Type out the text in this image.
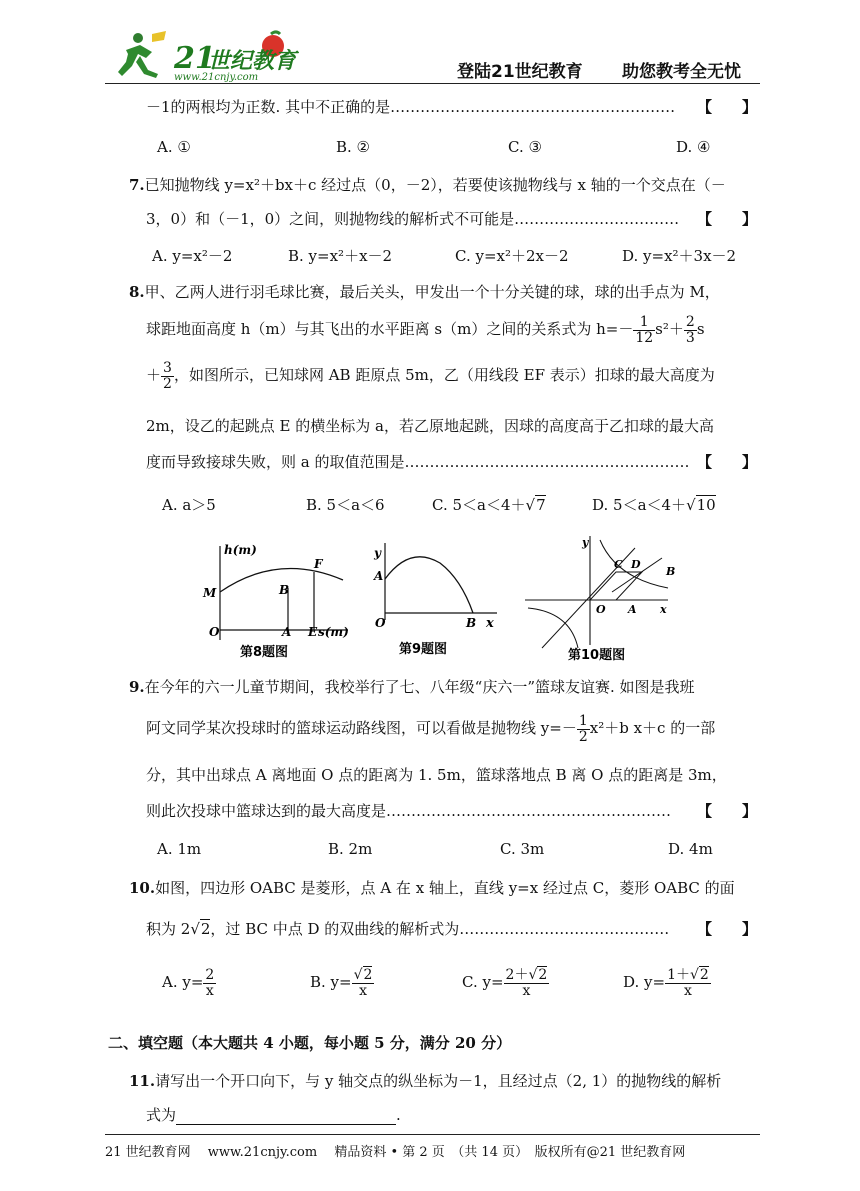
21
世纪教育
www.21cnjy.com	登陆21世纪教育 助您教考全无忧
－1的两根均为正数. 其中不正确的是………………………………………………… 【　　】
A. ①	B. ②	C. ③	D. ④
7.已知抛物线 y=x²＋bx＋c 经过点（0，－2），若要使该抛物线与 x 轴的一个交点在（－
3，0）和（－1，0）之间，则抛物线的解析式不可能是…………………………… 【　　】
A. y=x²－2	B. y=x²＋x－2	C. y=x²＋2x－2	D. y=x²＋3x－2
8.甲、乙两人进行羽毛球比赛，最后关头，甲发出一个十分关键的球，球的出手点为 M，
球距地面高度 h（m）与其飞出的水平距离 s（m）之间的关系式为 $h=- \frac{1}{12} s^2+ \frac{2}{3}$ s
＋ $\frac{3}{2}$ ，如图所示，已知球网 AB 距原点 5m，乙（用线段 EF 表示）扣球的最大高度为
2m，设乙的起跳点 E 的横坐标为 a，若乙原地起跳，因球的高度高于乙扣球的最大高
度而导致接球失败，则 a 的取值范围是………………………………………………… 【　　】
A. a＞5	B. 5＜a＜6	C. 5＜a＜4＋√7	D. 5＜a＜4＋√10
h(m)
F
M	B
O	A E s(m)
第8题图
y
A
O	B x
第9题图
y
C D
B
O A x
第10题图
9.在今年的六一儿童节期间，我校举行了七、八年级“庆六一”篮球友谊赛. 如图是我班
阿文同学某次投球时的篮球运动路线图，可以看做是抛物线 $y=- \frac{1}{2} x^2+b$ x＋c 的一部
分，其中出球点 A 离地面 O 点的距离为 1. 5m，篮球落地点 B 离 O 点的距离是 3m，
则此次投球中篮球达到的最大高度是………………………………………………… 【　　】
A. 1m	B. 2m	C. 3m	D. 4m
10.如图，四边形 OABC 是菱形，点 A 在 x 轴上，直线 y=x 经过点 C，菱形 OABC 的面
积为 2√2，过 BC 中点 D 的双曲线的解析式为…………………………………… 【　　】
A. $y= \frac{2}{x}$	B. $y= \frac{√2}{x}$	C. $y= \frac{2+√2}{x}$	D. $y= \frac{1+√2}{x}$
二、填空题（本大题共 4 小题，每小题 5 分，满分 20 分）
11.请写出一个开口向下，与 y 轴交点的纵坐标为－1，且经过点（2, 1）的抛物线的解析
式为	.
21 世纪教育网　 www.21cnjy.com　 精品资料 • 第 2 页　（共 14 页）　版权所有@21 世纪教育网
